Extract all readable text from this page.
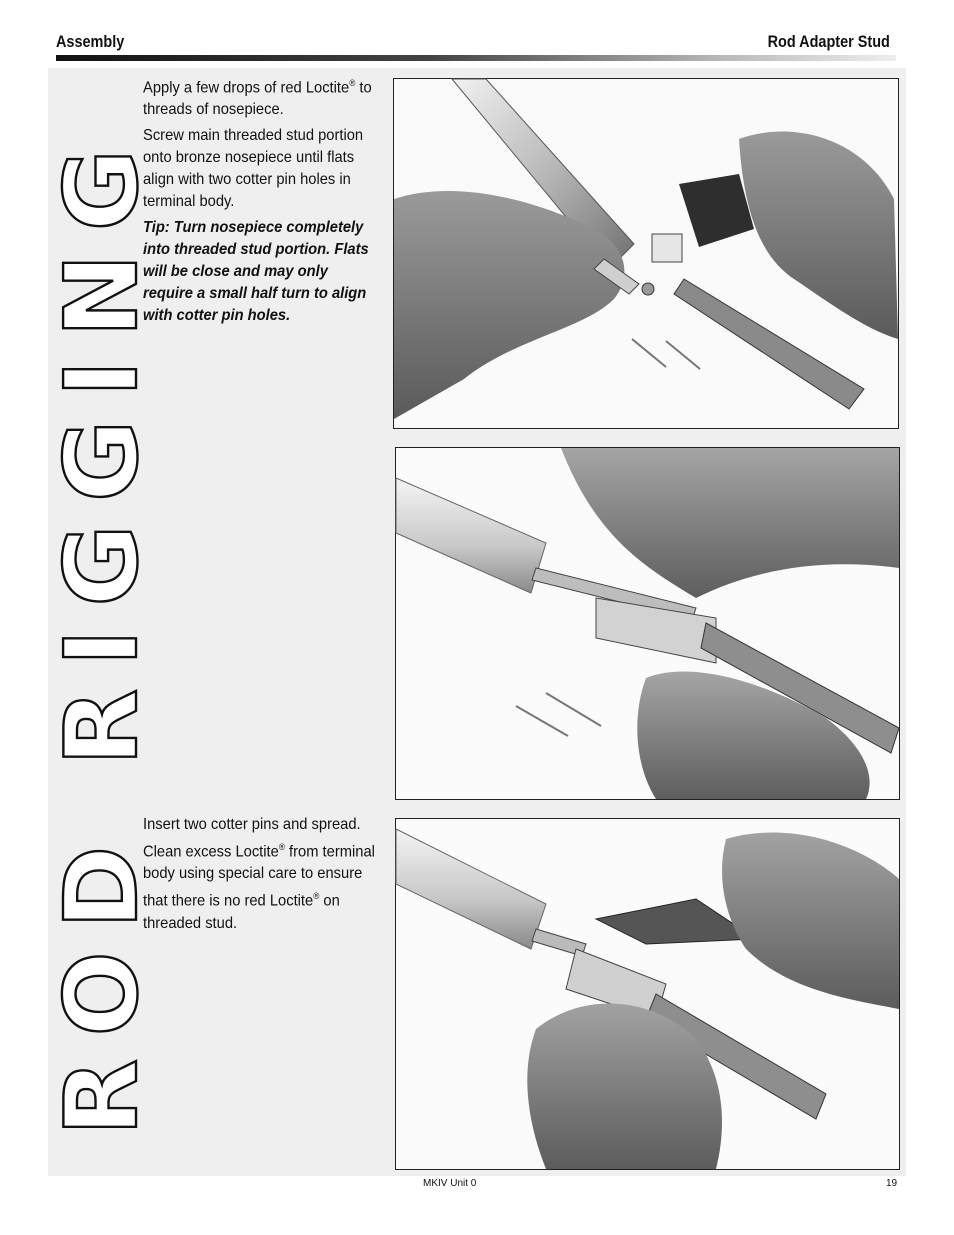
Assembly	Rod Adapter Stud
ROD RIGGING

Apply a few drops of red Loctite® to threads of nosepiece.

Screw main threaded stud portion onto bronze nosepiece until flats align with two cotter pin holes in terminal body.

Tip: Turn nosepiece completely into threaded stud portion. Flats will be close and may only require a small half turn to align with cotter pin holes.

Insert two cotter pins and spread. Clean excess Loctite® from terminal body using special care to ensure that there is no red Loctite® on threaded stud.

MKIV Unit 0	19
